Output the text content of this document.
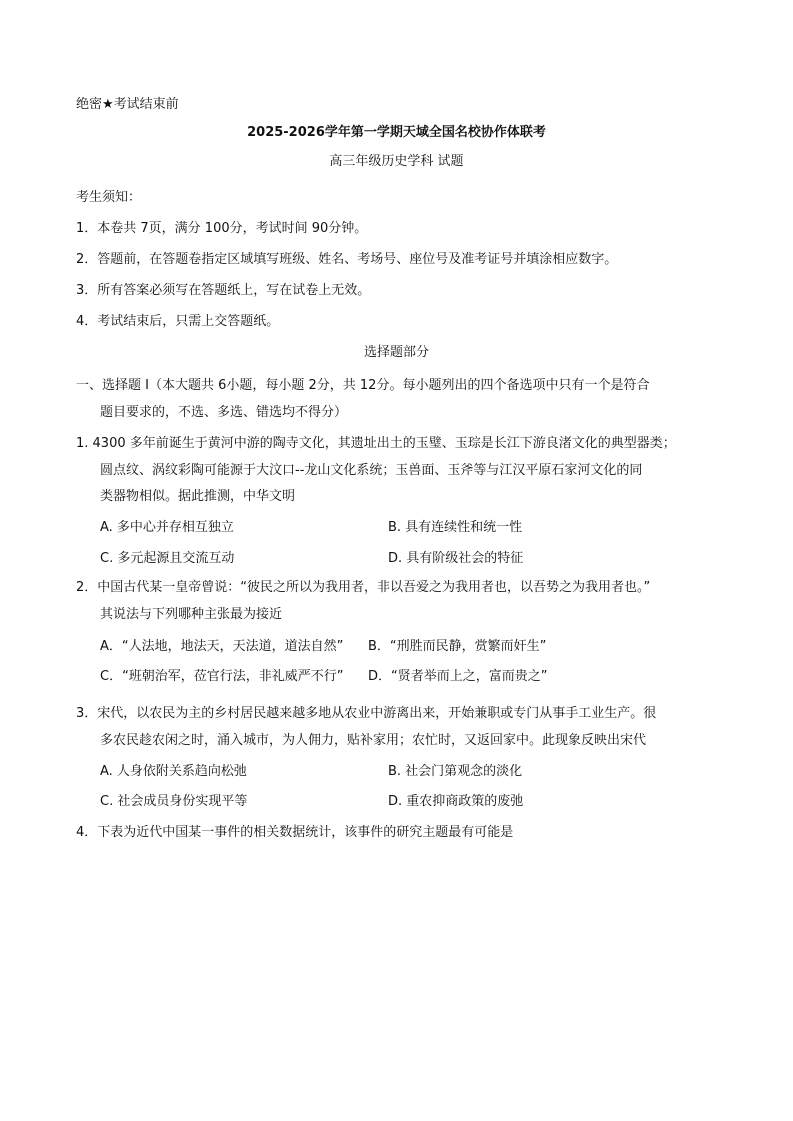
绝密★考试结束前
2025-2026学年第一学期天域全国名校协作体联考
高三年级历史学科 试题
考生须知：
1．本卷共 7页，满分 100分，考试时间 90分钟。
2．答题前，在答题卷指定区域填写班级、姓名、考场号、座位号及准考证号并填涂相应数字。
3．所有答案必须写在答题纸上，写在试卷上无效。
4．考试结束后，只需上交答题纸。
选择题部分
一、选择题 I（本大题共 6小题，每小题 2分，共 12分。每小题列出的四个备选项中只有一个是符合
题目要求的，不选、多选、错选均不得分）
1. 4300 多年前诞生于黄河中游的陶寺文化，其遗址出土的玉璧、玉琮是长江下游良渚文化的典型器类；
圆点纹、涡纹彩陶可能源于大汶口--龙山文化系统；玉兽面、玉斧等与江汉平原石家河文化的同
类器物相似。据此推测，中华文明
A. 多中心并存相互独立	B. 具有连续性和统一性
C. 多元起源且交流互动	D. 具有阶级社会的特征
2．中国古代某一皇帝曾说：“彼民之所以为我用者，非以吾爱之为我用者也，以吾势之为我用者也。”
其说法与下列哪种主张最为接近
A．“人法地，地法天，天法道，道法自然” B．“刑胜而民静，赏繁而奸生”
C．“班朝治军，莅官行法，非礼威严不行” D．“贤者举而上之，富而贵之”
3．宋代，以农民为主的乡村居民越来越多地从农业中游离出来，开始兼职或专门从事手工业生产。很
多农民趁农闲之时，涌入城市，为人佣力，贴补家用；农忙时，又返回家中。此现象反映出宋代
A. 人身依附关系趋向松弛	B. 社会门第观念的淡化
C. 社会成员身份实现平等	D. 重农抑商政策的废弛
4．下表为近代中国某一事件的相关数据统计，该事件的研究主题最有可能是
